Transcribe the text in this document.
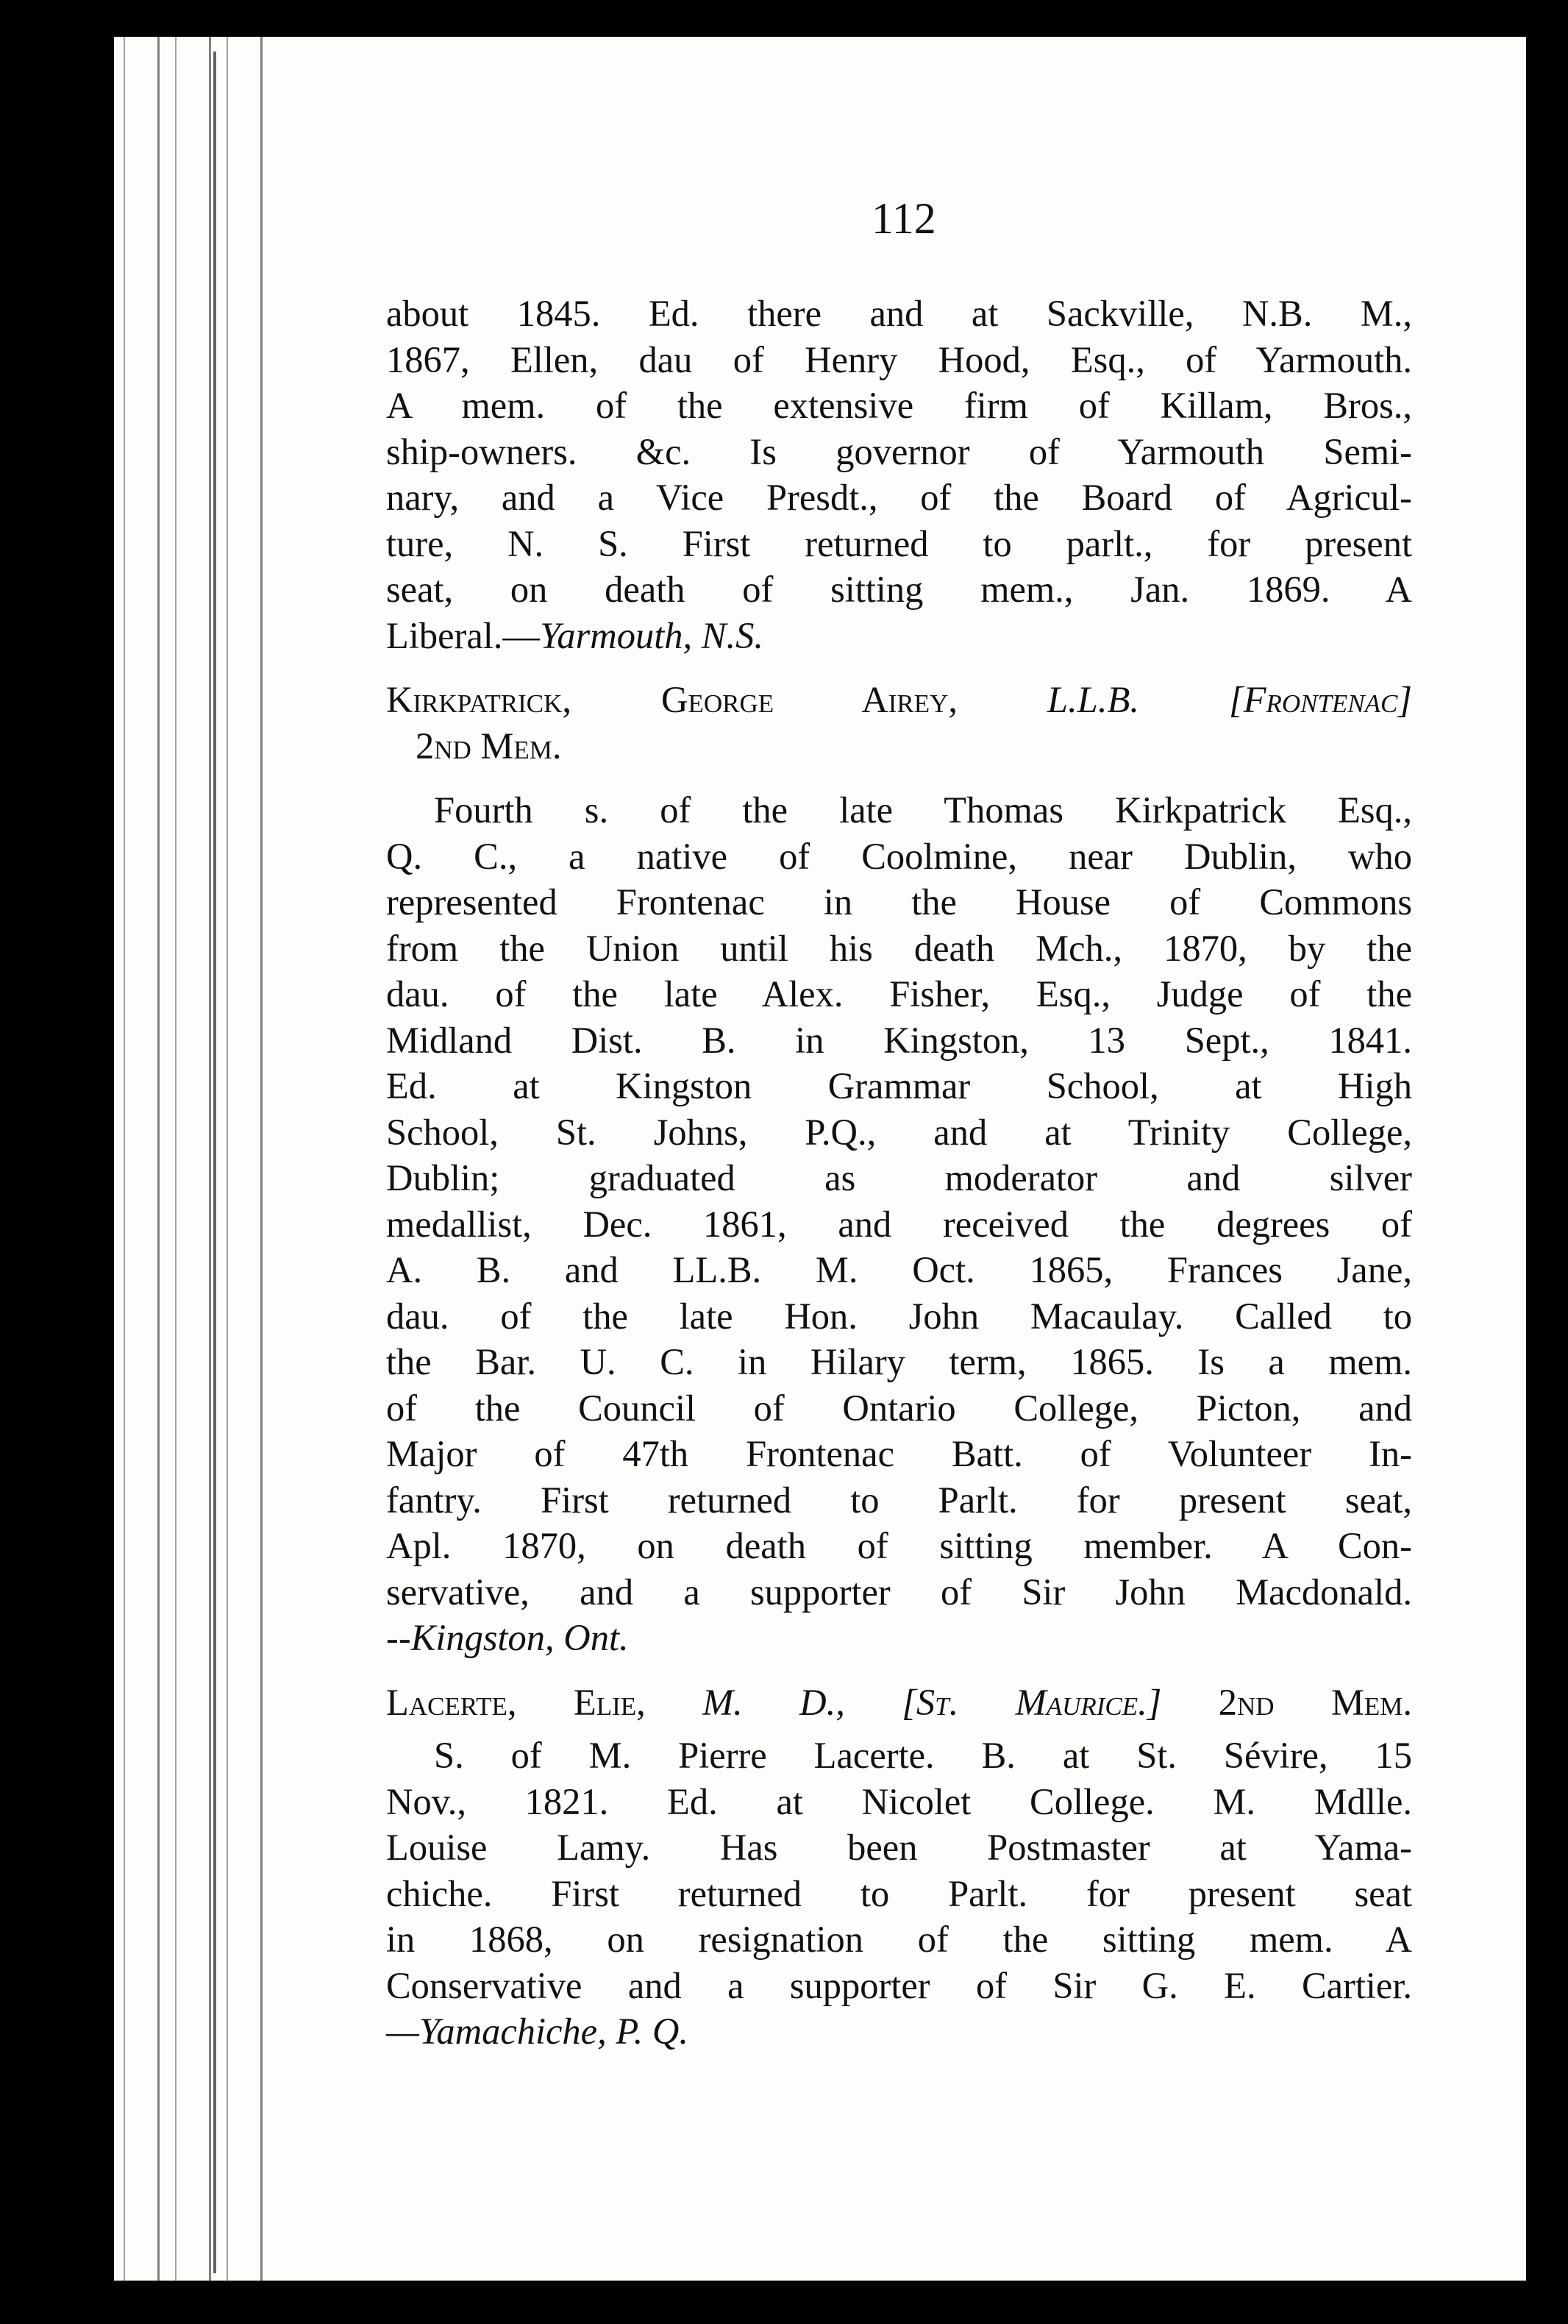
112
about 1845. Ed. there and at Sackville, N.B. M.,
1867, Ellen, dau of Henry Hood, Esq., of Yarmouth.
A mem. of the extensive firm of Killam, Bros.,
ship-owners. &c. Is governor of Yarmouth Semi-
nary, and a Vice Presdt., of the Board of Agricul-
ture, N. S. First returned to parlt., for present
seat, on death of sitting mem., Jan. 1869. A
Liberal.—Yarmouth, N.S.
Kirkpatrick, George Airey, L.L.B. [Frontenac]
2nd Mem.
Fourth s. of the late Thomas Kirkpatrick Esq.,
Q. C., a native of Coolmine, near Dublin, who
represented Frontenac in the House of Commons
from the Union until his death Mch., 1870, by the
dau. of the late Alex. Fisher, Esq., Judge of the
Midland Dist. B. in Kingston, 13 Sept., 1841.
Ed. at Kingston Grammar School, at High
School, St. Johns, P.Q., and at Trinity College,
Dublin; graduated as moderator and silver
medallist, Dec. 1861, and received the degrees of
A. B. and LL.B. M. Oct. 1865, Frances Jane,
dau. of the late Hon. John Macaulay. Called to
the Bar. U. C. in Hilary term, 1865. Is a mem.
of the Council of Ontario College, Picton, and
Major of 47th Frontenac Batt. of Volunteer In-
fantry. First returned to Parlt. for present seat,
Apl. 1870, on death of sitting member. A Con-
servative, and a supporter of Sir John Macdonald.
--Kingston, Ont.
Lacerte, Elie, M. D., [St. Maurice.] 2nd Mem.
S. of M. Pierre Lacerte. B. at St. Sévire, 15
Nov., 1821. Ed. at Nicolet College. M. Mdlle.
Louise Lamy. Has been Postmaster at Yama-
chiche. First returned to Parlt. for present seat
in 1868, on resignation of the sitting mem. A
Conservative and a supporter of Sir G. E. Cartier.
—Yamachiche, P. Q.
